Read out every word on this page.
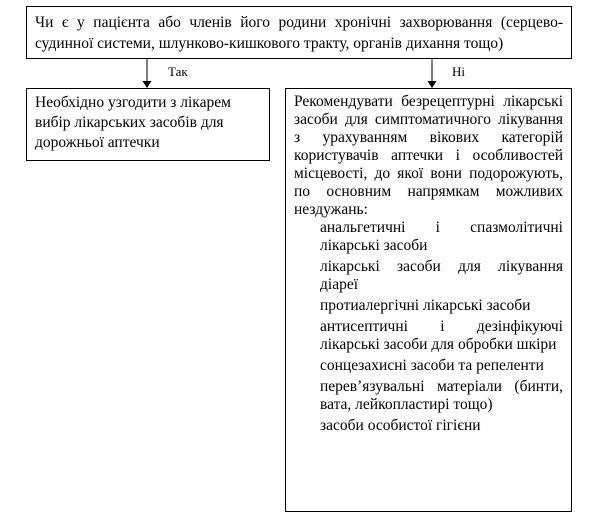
Чи є у пацієнта або членів його родини хронічні захворювання (серцево-судинної системи, шлунково-кишкового тракту, органів дихання тощо)
Так	Ні
Необхідно узгодити з лікарем вибір лікарських засобів для дорожньої аптечки

Рекомендувати безрецептурні лікарські засоби для симптоматичного лікування з урахуванням вікових категорій користувачів аптечки і особливостей місцевості, до якої вони подорожують, по основним напрямкам можливих нездужань:

анальгетичні і спазмолітичні лікарські засоби
лікарські засоби для лікування діареї
протиалергічні лікарські засоби
антисептичні і дезінфікуючі лікарські засоби для обробки шкіри
сонцезахисні засоби та репеленти
перев’язувальні матеріали (бинти, вата, лейкопластирі тощо)
засоби особистої гігієни
